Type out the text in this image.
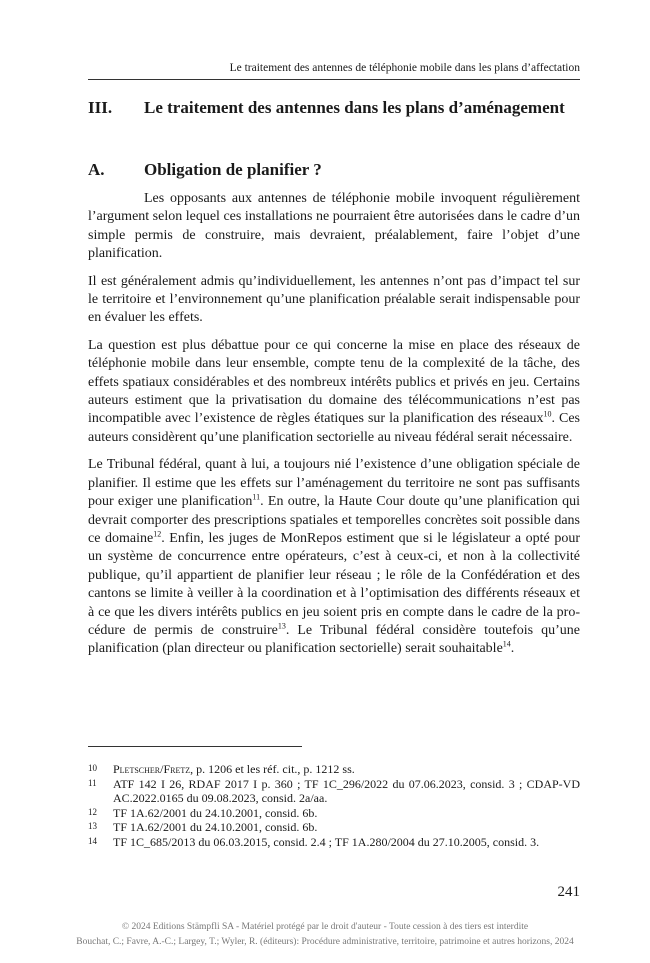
Le traitement des antennes de téléphonie mobile dans les plans d’affectation
III. Le traitement des antennes dans les plans d’aménagement
A. Obligation de planifier ?

Les opposants aux antennes de téléphonie mobile invoquent régulièrement l’argument selon lequel ces installations ne pourraient être autorisées dans le cadre d’un simple permis de construire, mais devraient, préalablement, faire l’objet d’une planification.

Il est généralement admis qu’individuellement, les antennes n’ont pas d’impact tel sur le territoire et l’environnement qu’une planification préalable serait indispensable pour en évaluer les effets.

La question est plus débattue pour ce qui concerne la mise en place des réseaux de téléphonie mobile dans leur ensemble, compte tenu de la complexité de la tâche, des effets spatiaux considérables et des nombreux intérêts publics et privés en jeu. Certains auteurs estiment que la privatisation du domaine des télécommunications n’est pas incompatible avec l’existence de règles étatiques sur la planification des réseaux$^{10}$. Ces auteurs considèrent qu’une planification sectorielle au niveau fédéral serait nécessaire.

Le Tribunal fédéral, quant à lui, a toujours nié l’existence d’une obligation spéciale de planifier. Il estime que les effets sur l’aménagement du territoire ne sont pas suffisants pour exiger une planification$^{11}$. En outre, la Haute Cour doute qu’une planification qui devrait comporter des prescriptions spatiales et temporelles concrètes soit possible dans ce domaine$^{12}$. Enfin, les juges de MonRepos estiment que si le législateur a opté pour un système de concurrence entre opérateurs, c’est à ceux-ci, et non à la collectivité publique, qu’il appartient de planifier leur réseau ; le rôle de la Confédération et des cantons se limite à veiller à la coordination et à l’optimisation des différents réseaux et à ce que les divers intérêts publics en jeu soient pris en compte dans le cadre de la procédure de permis de construire$^{13}$. Le Tribunal fédéral considère toutefois qu’une planification (plan directeur ou planification sectorielle) serait souhaitable$^{14}$.

10	Pletscher/Fretz, p. 1206 et les réf. cit., p. 1212 ss.
11	ATF 142 I 26, RDAF 2017 I p. 360 ; TF 1C_296/2022 du 07.06.2023, consid. 3 ; CDAP-VD AC.2022.0165 du 09.08.2023, consid. 2a/aa.
12	TF 1A.62/2001 du 24.10.2001, consid. 6b.
13	TF 1A.62/2001 du 24.10.2001, consid. 6b.
14	TF 1C_685/2013 du 06.03.2015, consid. 2.4 ; TF 1A.280/2004 du 27.10.2005, consid. 3.
241
© 2024 Editions Stämpfli SA - Matériel protégé par le droit d'auteur - Toute cession à des tiers est interdite
Bouchat, C.; Favre, A.-C.; Largey, T.; Wyler, R. (éditeurs): Procédure administrative, territoire, patrimoine et autres horizons, 2024
